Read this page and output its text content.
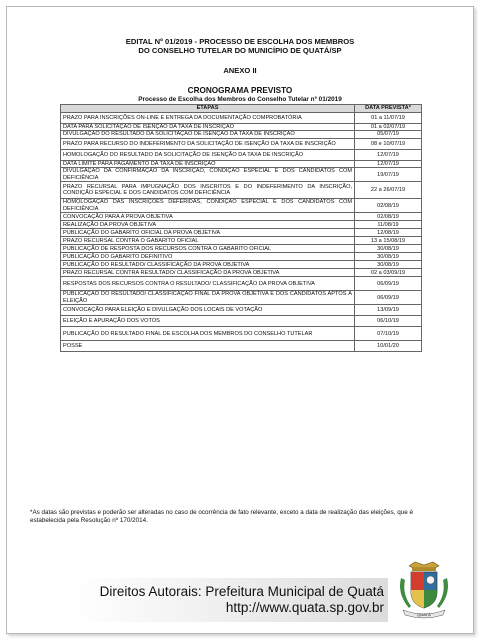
EDITAL Nº 01/2019 - PROCESSO DE ESCOLHA DOS MEMBROS
DO CONSELHO TUTELAR DO MUNICÍPIO DE QUATÁ/SP
ANEXO II
CRONOGRAMA PREVISTO
Processo de Escolha dos Membros do Conselho Tutelar nº 01/2019
ETAPAS	DATA PREVISTA*
PRAZO PARA INSCRIÇÕES ON-LINE E ENTREGA DA DOCUMENTAÇÃO COMPROBATÓRIA	01 a 11/07/19
DATA PARA SOLICITAÇÃO DE ISENÇÃO DA TAXA DE INSCRIÇÃO	01 a 02/07/19
DIVULGAÇÃO DO RESULTADO DA SOLICITAÇÃO DE ISENÇÃO DA TAXA DE INSCRIÇÃO	05/07/19
PRAZO PARA RECURSO DO INDEFERIMENTO DA SOLICITAÇÃO DE ISENÇÃO DA TAXA DE INSCRIÇÃO	08 e 10/07/19
HOMOLOGAÇÃO DO RESULTADO DA SOLICITAÇÃO DE ISENÇÃO DA TAXA DE INSCRIÇÃO	12/07/19
DATA LIMITE PARA PAGAMENTO DA TAXA DE INSCRIÇÃO	12/07/19
DIVULGAÇÃO DA CONFIRMAÇÃO DA INSCRIÇÃO, CONDIÇÃO ESPECIAL E DOS CANDIDATOS COM DEFICIÊNCIA	19/07/19
PRAZO RECURSAL PARA IMPUGNAÇÃO DOS INSCRITOS E DO INDEFERIMENTO DA INSCRIÇÃO, CONDIÇÃO ESPECIAL E DOS CANDIDATOS COM DEFICIÊNCIA	22 a 26/07/19
HOMOLOGAÇÃO DAS INSCRIÇÕES DEFERIDAS, CONDIÇÃO ESPECIAL E DOS CANDIDATOS COM DEFICIÊNCIA	02/08/19
CONVOCAÇÃO PARA A PROVA OBJETIVA	02/08/19
REALIZAÇÃO DA PROVA OBJETIVA	11/08/19
PUBLICAÇÃO DO GABARITO OFICIAL DA PROVA OBJETIVA	12/08/19
PRAZO RECURSAL CONTRA O GABARITO OFICIAL	13 a 15/08/19
PUBLICAÇÃO DE RESPOSTA DOS RECURSOS CONTRA O GABARITO OFICIAL	30/08/19
PUBLICAÇÃO DO GABARITO DEFINITIVO	30/08/19
PUBLICAÇÃO DO RESULTADO/ CLASSIFICAÇÃO DA PROVA OBJETIVA	30/08/19
PRAZO RECURSAL CONTRA RESULTADO/ CLASSIFICAÇÃO DA PROVA OBJETIVA	02 a 03/09/19
RESPOSTAS DOS RECURSOS CONTRA O RESULTADO/ CLASSIFICAÇÃO DA PROVA OBJETIVA	06/09/19
PUBLICAÇÃO DO RESULTADO/ CLASSIFICAÇÃO FINAL DA PROVA OBJETIVA E DOS CANDIDATOS APTOS À ELEIÇÃO	06/09/19
CONVOCAÇÃO PARA ELEIÇÃO E DIVULGAÇÃO DOS LOCAIS DE VOTAÇÃO	13/09/19
ELEIÇÃO E APURAÇÃO DOS VOTOS	06/10/19
PUBLICAÇÃO DO RESULTADO FINAL DE ESCOLHA DOS MEMBROS DO CONSELHO TUTELAR	07/10/19
POSSE	10/01/20
*As datas são previstas e poderão ser alteradas no caso de ocorrência de fato relevante, exceto a data de realização das eleições, que é estabelecida pela Resolução nº 170/2014.
Direitos Autorais: Prefeitura Municipal de Quatá
http://www.quata.sp.gov.br	QUATÁ
